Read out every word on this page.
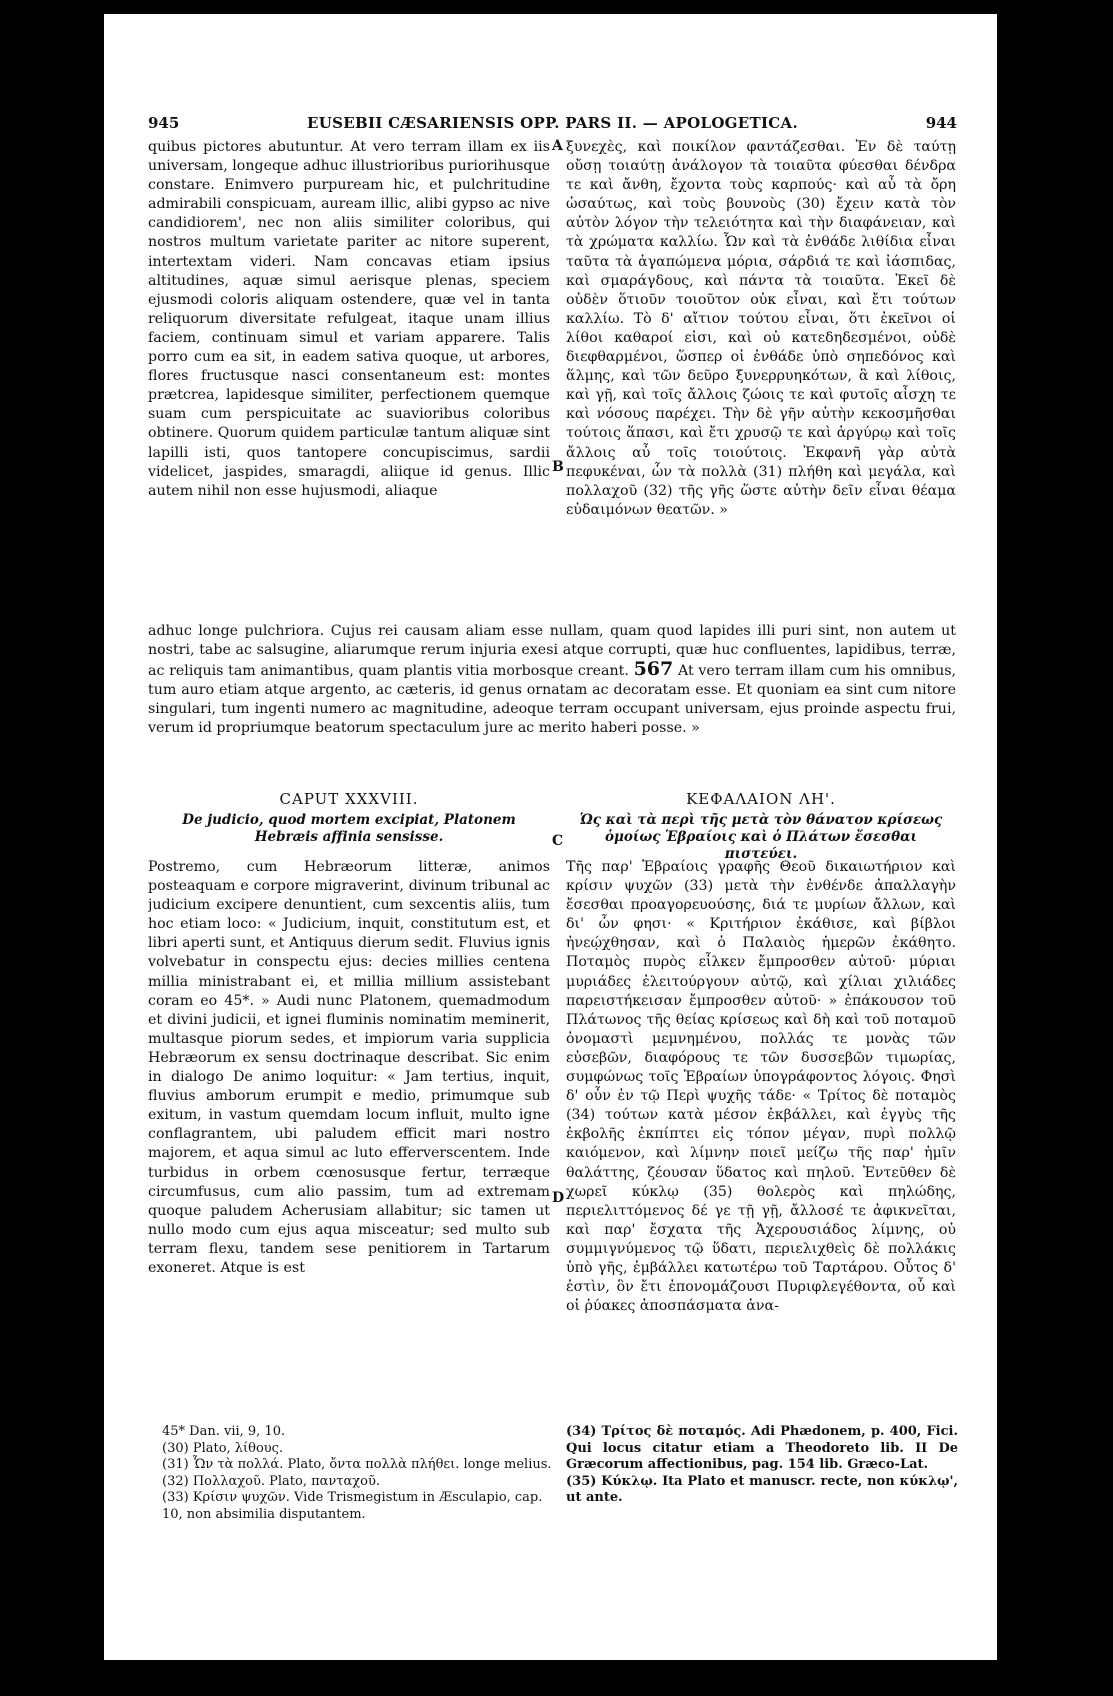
945	EUSEBII CÆSARIENSIS OPP. PARS II. — APOLOGETICA.	944

quibus pictores abutuntur. At vero terram illam ex iis universam, longeque adhuc illustrioribus puriorihusque constare. Enimvero purpuream hic, et pulchritudine admirabili conspicuam, auream illic, alibi gypso ac nive candidiorem', nec non aliis similiter coloribus, qui nostros multum varietate pariter ac nitore superent, intertextam videri. Nam concavas etiam ipsius altitudines, aquæ simul aerisque plenas, speciem ejusmodi coloris aliquam ostendere, quæ vel in tanta reliquorum diversitate refulgeat, itaque unam illius faciem, continuam simul et variam apparere. Talis porro cum ea sit, in eadem sativa quoque, ut arbores, flores fructusque nasci consentaneum est: montes prætcrea, lapidesque similiter, perfectionem quemque suam cum perspicuitate ac suavioribus coloribus obtinere. Quorum quidem particulæ tantum aliquæ sint lapilli isti, quos tantopere concupiscimus, sardii videlicet, jaspides, smaragdi, aliique id genus. Illic autem nihil non esse hujusmodi, aliaque

A
B

ξυνεχὲς, καὶ ποικίλον φαντάζεσθαι. Ἐν δὲ ταύτῃ οὔσῃ τοιαύτῃ ἀνάλογον τὰ τοιαῦτα φύεσθαι δένδρα τε καὶ ἄνθη, ἔχοντα τοὺς καρπούς· καὶ αὖ τὰ ὄρη ὡσαύτως, καὶ τοὺς βουνοὺς (30) ἔχειν κατὰ τὸν αὐτὸν λόγον τὴν τελειότητα καὶ τὴν διαφάνειαν, καὶ τὰ χρώματα καλλίω. Ὧν καὶ τὰ ἐνθάδε λιθίδια εἶναι ταῦτα τὰ ἀγαπώμενα μόρια, σάρδιά τε καὶ ἰάσπιδας, καὶ σμαράγδους, καὶ πάντα τὰ τοιαῦτα. Ἐκεῖ δὲ οὐδὲν ὅτιοῦν τοιοῦτον οὐκ εἶναι, καὶ ἔτι τούτων καλλίω. Τὸ δ' αἴτιον τούτου εἶναι, ὅτι ἐκεῖνοι οἱ λίθοι καθαροί εἰσι, καὶ οὐ κατεδηδεσμένοι, οὐδὲ διεφθαρμένοι, ὥσπερ οἱ ἐνθάδε ὑπὸ σηπεδόνος καὶ ἅλμης, καὶ τῶν δεῦρο ξυνερρυηκότων, ἃ καὶ λίθοις, καὶ γῇ, καὶ τοῖς ἄλλοις ζώοις τε καὶ φυτοῖς αἶσχη τε καὶ νόσους παρέχει. Τὴν δὲ γῆν αὐτὴν κεκοσμῆσθαι τούτοις ἅπασι, καὶ ἔτι χρυσῷ τε καὶ ἀργύρῳ καὶ τοῖς ἄλλοις αὖ τοῖς τοιούτοις. Ἐκφανῆ γὰρ αὐτὰ πεφυκέναι, ὧν τὰ πολλὰ (31) πλήθη καὶ μεγάλα, καὶ πολλαχοῦ (32) τῆς γῆς ὥστε αὐτὴν δεῖν εἶναι θέαμα εὐδαιμόνων θεατῶν. »

adhuc longe pulchriora. Cujus rei causam aliam esse nullam, quam quod lapides illi puri sint, non autem ut nostri, tabe ac salsugine, aliarumque rerum injuria exesi atque corrupti, quæ huc confluentes, lapidibus, terræ, ac reliquis tam animantibus, quam plantis vitia morbosque creant. 567 At vero terram illam cum his omnibus, tum auro etiam atque argento, ac cæteris, id genus ornatam ac decoratam esse. Et quoniam ea sint cum nitore singulari, tum ingenti numero ac magnitudine, adeoque terram occupant universam, ejus proinde aspectu frui, verum id propriumque beatorum spectaculum jure ac merito haberi posse. »
CAPUT XXXVIII.
De judicio, quod mortem excipiat, Platonem Hebræis affinia sensisse.	C
ΚΕΦΑΛΑΙΟΝ ΛΗ'.
Ὡς καὶ τὰ περὶ τῆς μετὰ τὸν θάνατον κρίσεως ὁμοίως Ἑβραίοις καὶ ὁ Πλάτων ἔσεσθαι πιστεύει.

Postremo, cum Hebræorum litteræ, animos posteaquam e corpore migraverint, divinum tribunal ac judicium excipere denuntient, cum sexcentis aliis, tum hoc etiam loco: « Judicium, inquit, constitutum est, et libri aperti sunt, et Antiquus dierum sedit. Fluvius ignis volvebatur in conspectu ejus: decies millies centena millia ministrabant ei, et millia millium assistebant coram eo 45*. » Audi nunc Platonem, quemadmodum et divini judicii, et ignei fluminis nominatim meminerit, multasque piorum sedes, et impiorum varia supplicia Hebræorum ex sensu doctrinaque describat. Sic enim in dialogo De animo loquitur: « Jam tertius, inquit, fluvius amborum erumpit e medio, primumque sub exitum, in vastum quemdam locum influit, multo igne conflagrantem, ubi paludem efficit mari nostro majorem, et aqua simul ac luto efferverscentem. Inde turbidus in orbem cœnosusque fertur, terræque circumfusus, cum alio passim, tum ad extremam quoque paludem Acherusiam allabitur; sic tamen ut nullo modo cum ejus aqua misceatur; sed multo sub terram flexu, tandem sese penitiorem in Tartarum exoneret. Atque is est

D

Τῆς παρ' Ἑβραίοις γραφῆς Θεοῦ δικαιωτήριον καὶ κρίσιν ψυχῶν (33) μετὰ τὴν ἐνθένδε ἀπαλλαγὴν ἔσεσθαι προαγορευούσης, διά τε μυρίων ἄλλων, καὶ δι' ὧν φησι· « Κριτήριον ἐκάθισε, καὶ βίβλοι ἠνεῴχθησαν, καὶ ὁ Παλαιὸς ἡμερῶν ἐκάθητο. Ποταμὸς πυρὸς εἷλκεν ἔμπροσθεν αὐτοῦ· μύριαι μυριάδες ἐλειτούργουν αὐτῷ, καὶ χίλιαι χιλιάδες παρειστήκεισαν ἔμπροσθεν αὐτοῦ· » ἐπάκουσον τοῦ Πλάτωνος τῆς θείας κρίσεως καὶ δὴ καὶ τοῦ ποταμοῦ ὀνομαστὶ μεμνημένου, πολλάς τε μονὰς τῶν εὐσεβῶν, διαφόρους τε τῶν δυσσεβῶν τιμωρίας, συμφώνως τοῖς Ἑβραίων ὑπογράφοντος λόγοις. Φησὶ δ' οὖν ἐν τῷ Περὶ ψυχῆς τάδε· « Τρίτος δὲ ποταμὸς (34) τούτων κατὰ μέσον ἐκβάλλει, καὶ ἐγγὺς τῆς ἐκβολῆς ἐκπίπτει εἰς τόπον μέγαν, πυρὶ πολλῷ καιόμενον, καὶ λίμνην ποιεῖ μείζω τῆς παρ' ἡμῖν θαλάττης, ζέουσαν ὕδατος καὶ πηλοῦ. Ἐντεῦθεν δὲ χωρεῖ κύκλῳ (35) θολερὸς καὶ πηλώδης, περιελιττόμενος δέ γε τῇ γῇ, ἄλλοσέ τε ἀφικνεῖται, καὶ παρ' ἔσχατα τῆς Ἀχερουσιάδος λίμνης, οὐ συμμιγνύμενος τῷ ὕδατι, περιελιχθεὶς δὲ πολλάκις ὑπὸ γῆς, ἐμβάλλει κατωτέρω τοῦ Ταρτάρου. Οὗτος δ' ἐστὶν, ὃν ἔτι ἐπονομάζουσι Πυριφλεγέθοντα, οὗ καὶ οἱ ῥύακες ἀποσπάσματα ἀνα-

45* Dan. vii, 9, 10.

(30) Plato, λίθους.

(31) Ὧν τὰ πολλά. Plato, ὄντα πολλὰ πλήθει. longe melius.

(32) Πολλαχοῦ. Plato, πανταχοῦ.

(33) Κρίσιν ψυχῶν. Vide Trismegistum in Æsculapio, cap. 10, non absimilia disputantem.

(34) Τρίτος δὲ ποταμός. Adi Phædonem, p. 400, Fici. Qui locus citatur etiam a Theodoreto lib. II De Græcorum affectionibus, pag. 154 lib. Græco-Lat.

(35) Κύκλῳ. Ita Plato et manuscr. recte, non κύκλῳ', ut ante.
